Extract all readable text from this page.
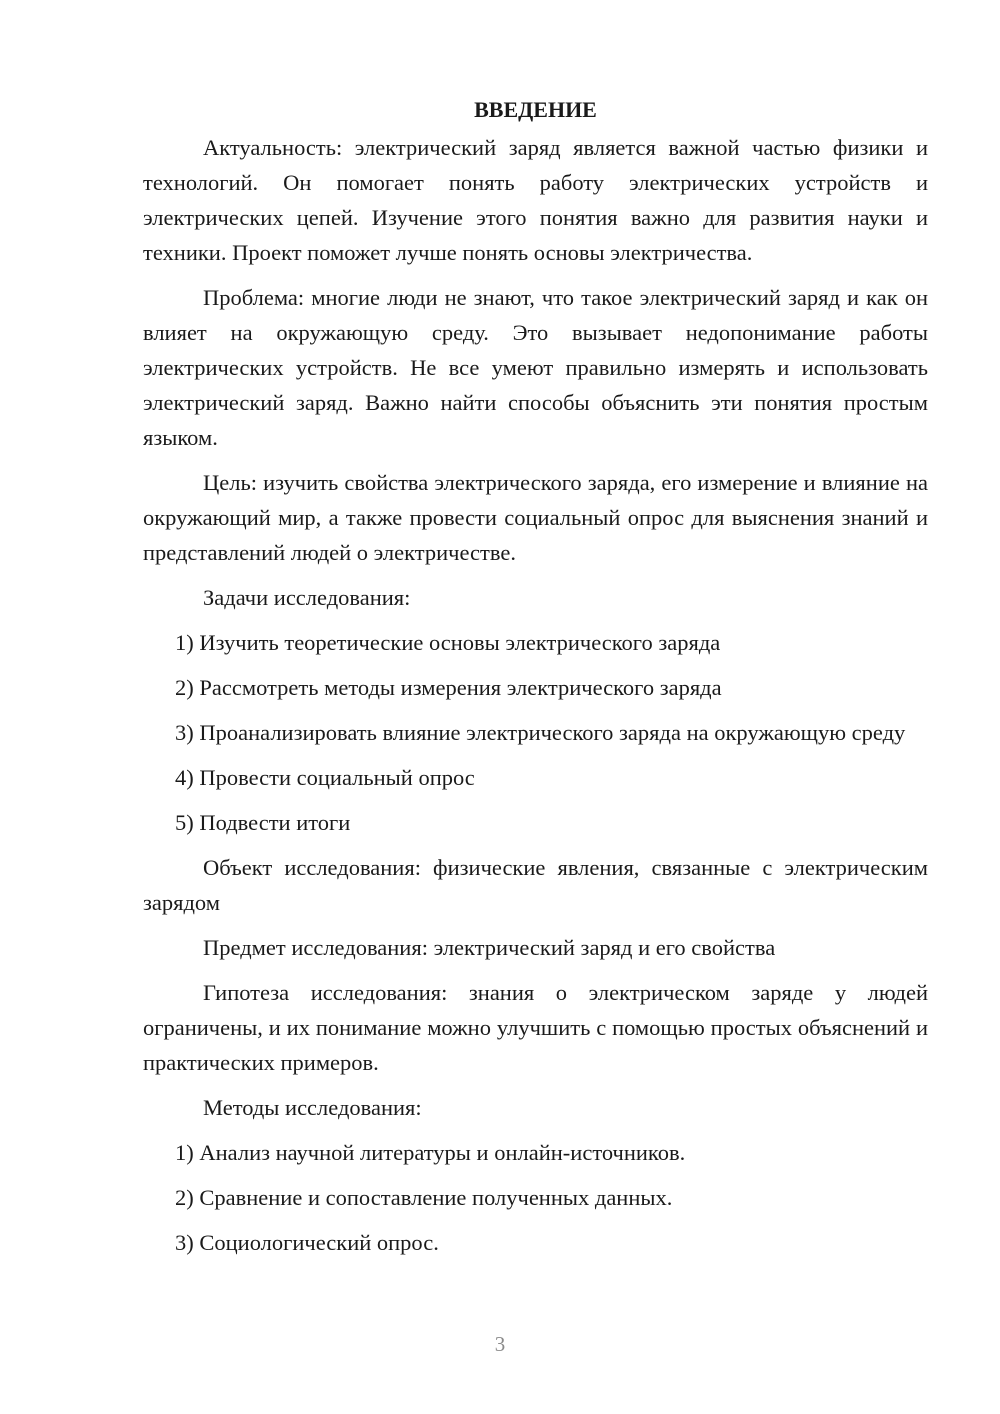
ВВЕДЕНИЕ

Актуальность: электрический заряд является важной частью физики и технологий. Он помогает понять работу электрических устройств и электрических цепей. Изучение этого понятия важно для развития науки и техники. Проект поможет лучше понять основы электричества.

Проблема: многие люди не знают, что такое электрический заряд и как он влияет на окружающую среду. Это вызывает недопонимание работы электрических устройств. Не все умеют правильно измерять и использовать электрический заряд. Важно найти способы объяснить эти понятия простым языком.

Цель: изучить свойства электрического заряда, его измерение и влияние на окружающий мир, а также провести социальный опрос для выяснения знаний и представлений людей о электричестве.

Задачи исследования:

1) Изучить теоретические основы электрического заряда

2) Рассмотреть методы измерения электрического заряда

3) Проанализировать влияние электрического заряда на окружающую среду

4) Провести социальный опрос

5) Подвести итоги

Объект исследования: физические явления, связанные с электрическим зарядом

Предмет исследования: электрический заряд и его свойства

Гипотеза исследования: знания о электрическом заряде у людей ограничены, и их понимание можно улучшить с помощью простых объяснений и практических примеров.

Методы исследования:

1) Анализ научной литературы и онлайн-источников.

2) Сравнение и сопоставление полученных данных.

3) Социологический опрос.

3
